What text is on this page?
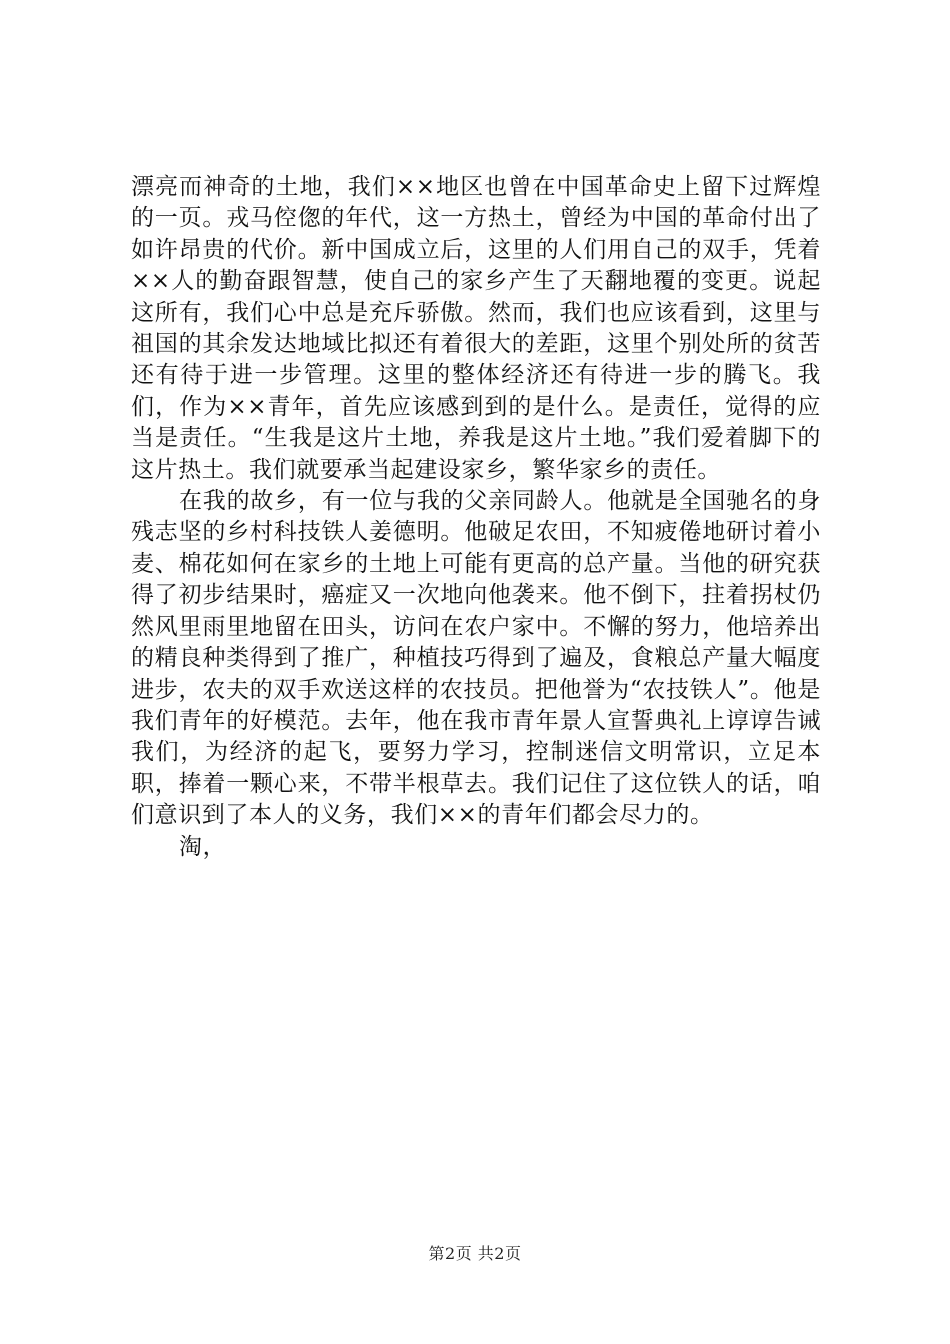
漂亮而神奇的土地，我们××地区也曾在中国革命史上留下过辉煌的一页。戎马倥偬的年代，这一方热土，曾经为中国的革命付出了如许昂贵的代价。新中国成立后，这里的人们用自己的双手，凭着××人的勤奋跟智慧，使自己的家乡产生了天翻地覆的变更。说起这所有，我们心中总是充斥骄傲。然而，我们也应该看到，这里与祖国的其余发达地域比拟还有着很大的差距，这里个别处所的贫苦还有待于进一步管理。这里的整体经济还有待进一步的腾飞。我们，作为××青年，首先应该感到到的是什么。是责任，觉得的应当是责任。“生我是这片土地，养我是这片土地。”我们爱着脚下的这片热土。我们就要承当起建设家乡，繁华家乡的责任。

在我的故乡，有一位与我的父亲同龄人。他就是全国驰名的身残志坚的乡村科技铁人姜德明。他破足农田，不知疲倦地研讨着小麦、棉花如何在家乡的土地上可能有更高的总产量。当他的研究获得了初步结果时，癌症又一次地向他袭来。他不倒下，拄着拐杖仍然风里雨里地留在田头，访问在农户家中。不懈的努力，他培养出的精良种类得到了推广，种植技巧得到了遍及，食粮总产量大幅度进步，农夫的双手欢送这样的农技员。把他誉为“农技铁人”。他是我们青年的好模范。去年，他在我市青年景人宣誓典礼上谆谆告诫我们，为经济的起飞，要努力学习，控制迷信文明常识，立足本职，捧着一颗心来，不带半根草去。我们记住了这位铁人的话，咱们意识到了本人的义务，我们××的青年们都会尽力的。

淘，

第2页 共2页
